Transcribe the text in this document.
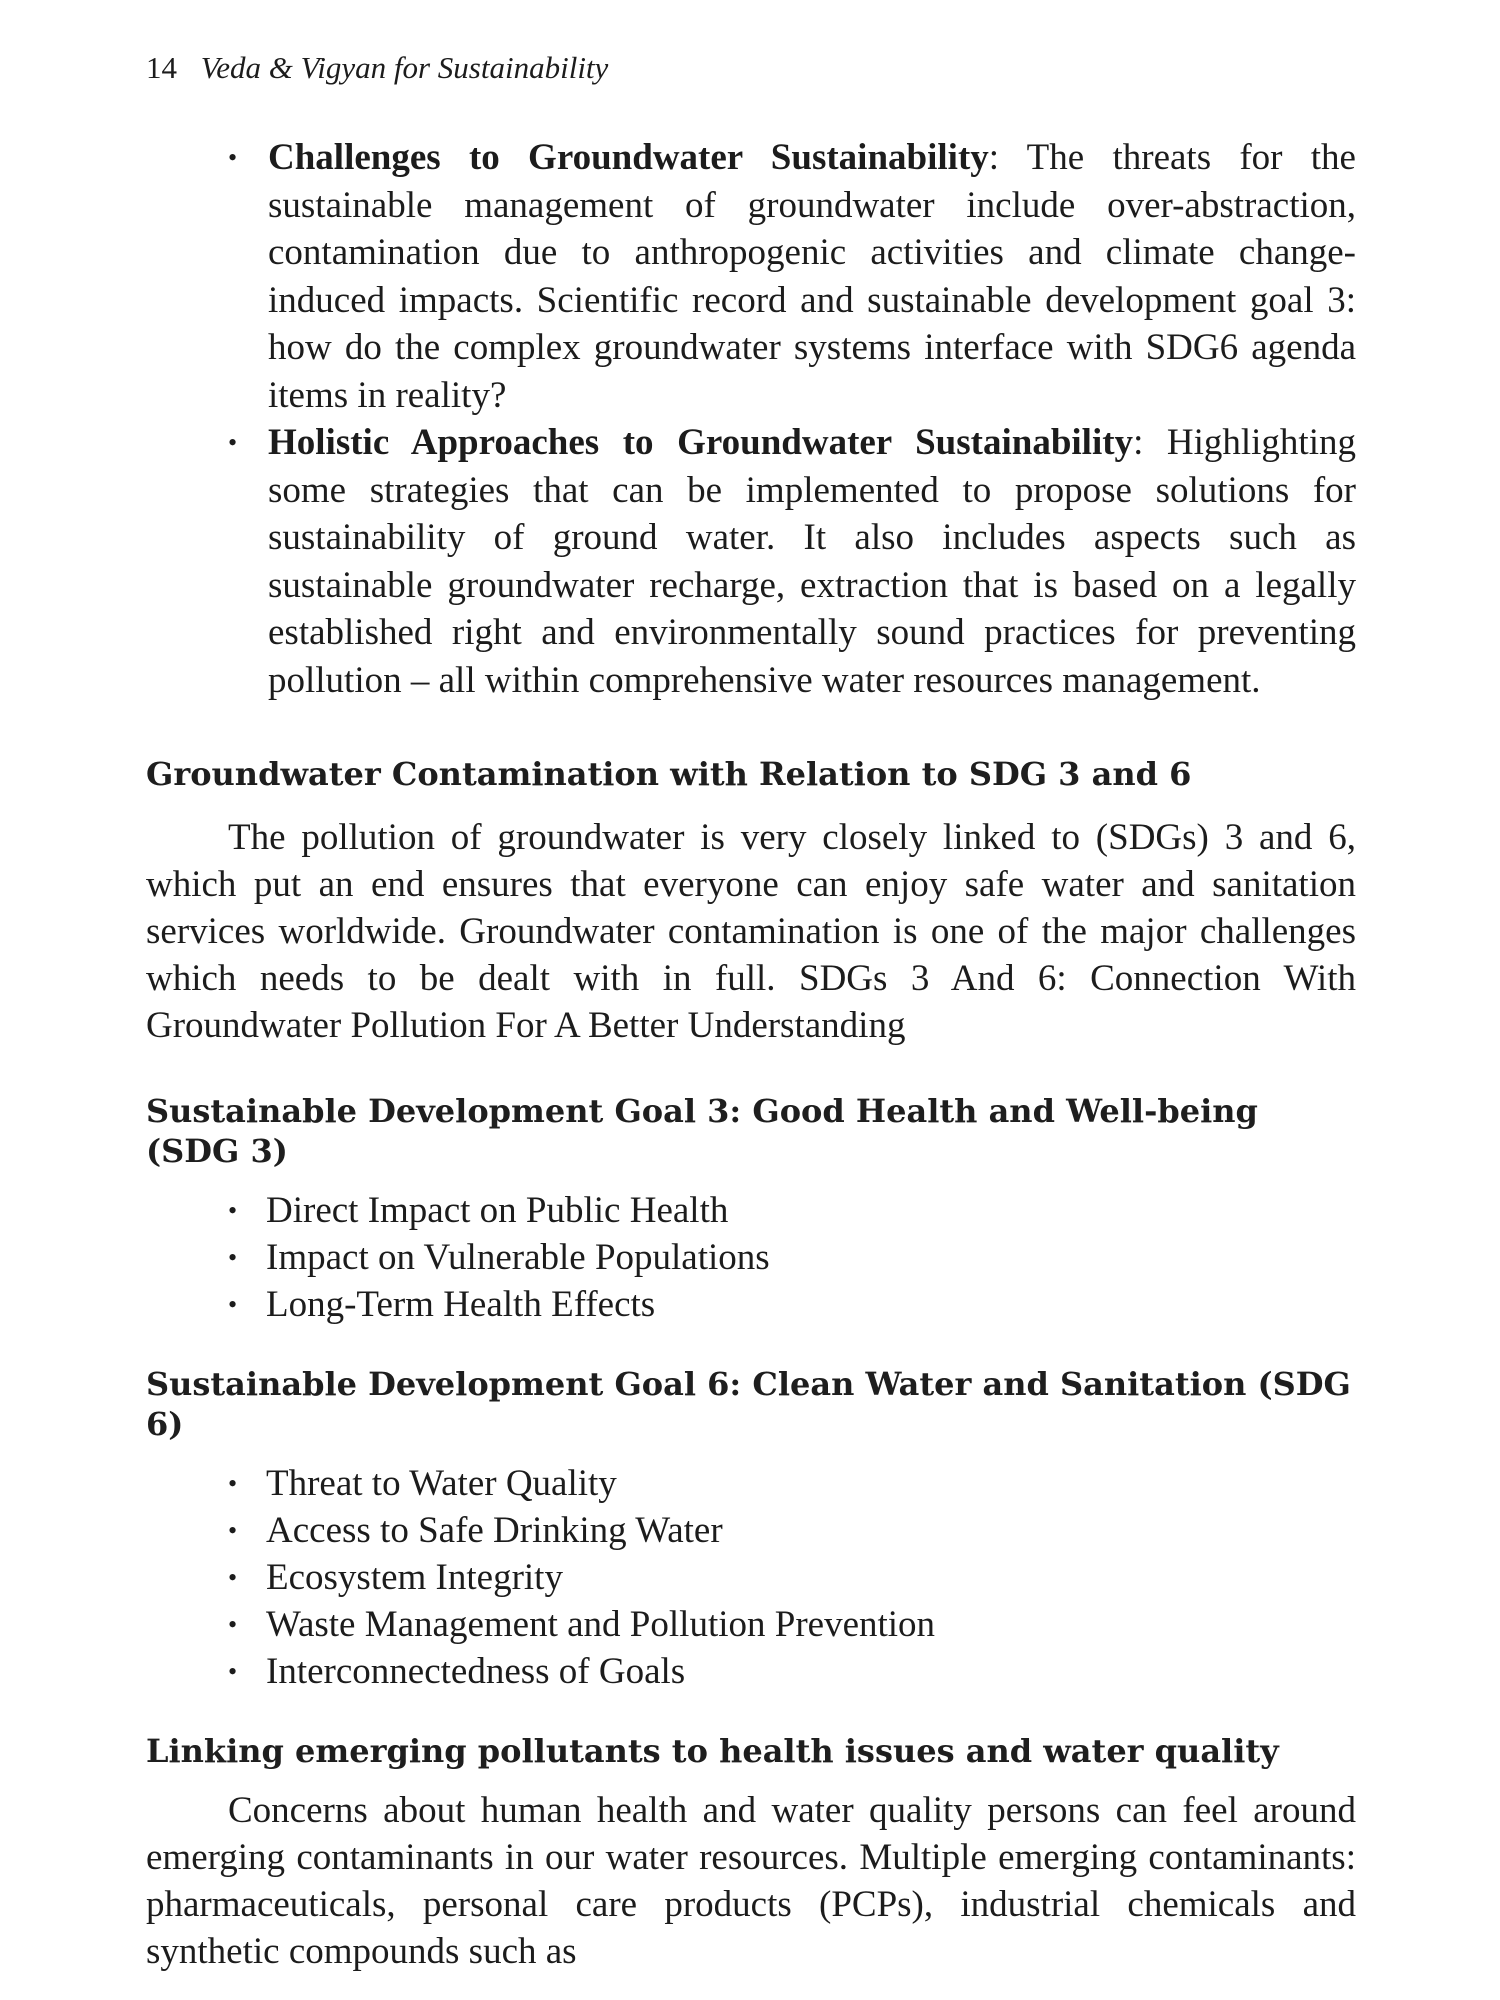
14 Veda & Vigyan for Sustainability
• Challenges to Groundwater Sustainability: The threats for the sustainable management of groundwater include over-abstraction, contamination due to anthropogenic activities and climate change-induced impacts. Scientific record and sustainable development goal 3: how do the complex groundwater systems interface with SDG6 agenda items in reality?
• Holistic Approaches to Groundwater Sustainability: Highlighting some strategies that can be implemented to propose solutions for sustainability of ground water. It also includes aspects such as sustainable groundwater recharge, extraction that is based on a legally established right and environmentally sound practices for preventing pollution – all within comprehensive water resources management.
Groundwater Contamination with Relation to SDG 3 and 6

The pollution of groundwater is very closely linked to (SDGs) 3 and 6, which put an end ensures that everyone can enjoy safe water and sanitation services worldwide. Groundwater contamination is one of the major challenges which needs to be dealt with in full. SDGs 3 And 6: Connection With Groundwater Pollution For A Better Understanding

Sustainable Development Goal 3: Good Health and Well-being (SDG 3)
• Direct Impact on Public Health
• Impact on Vulnerable Populations
• Long-Term Health Effects
Sustainable Development Goal 6: Clean Water and Sanitation (SDG 6)
• Threat to Water Quality
• Access to Safe Drinking Water
• Ecosystem Integrity
• Waste Management and Pollution Prevention
• Interconnectedness of Goals
Linking emerging pollutants to health issues and water quality

Concerns about human health and water quality persons can feel around emerging contaminants in our water resources. Multiple emerging contaminants: pharmaceuticals, personal care products (PCPs), industrial chemicals and synthetic compounds such as
